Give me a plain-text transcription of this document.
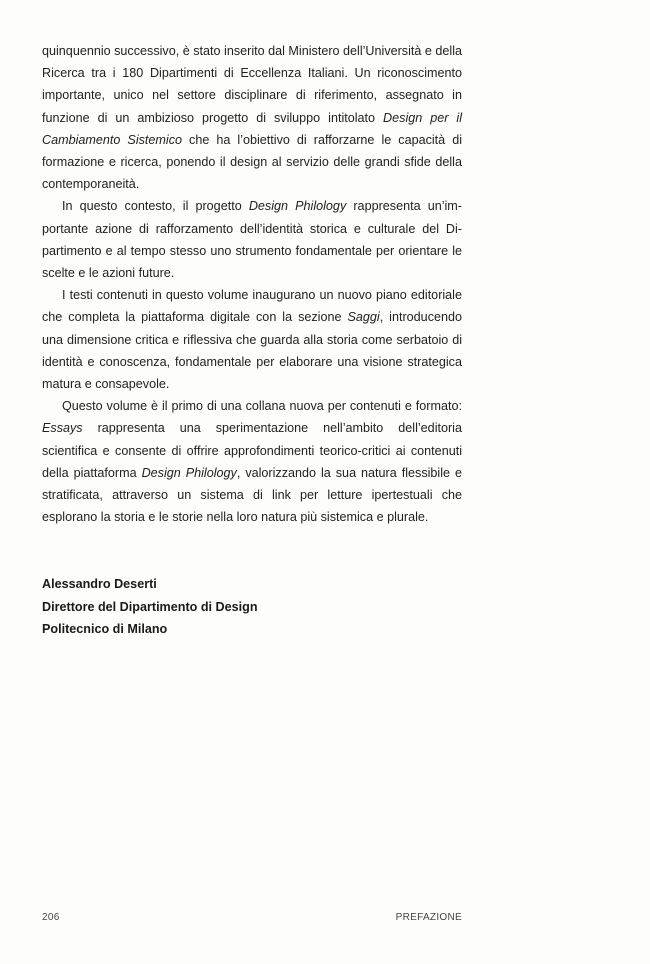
quinquennio successivo, è stato inserito dal Ministero dell’Università e della Ricerca tra i 180 Dipartimenti di Eccellenza Italiani. Un riconoscimento importante, unico nel settore disciplinare di riferimento, assegnato in funzione di un ambizioso progetto di sviluppo intitolato Design per il Cambiamento Sistemico che ha l’obiettivo di rafforzarne le capacità di formazione e ricerca, ponendo il design al servizio delle grandi sfide della contemporaneità.

In questo contesto, il progetto Design Philology rappresenta un’importante azione di rafforzamento dell’identità storica e culturale del Dipartimento e al tempo stesso uno strumento fondamentale per orientare le scelte e le azioni future.

I testi contenuti in questo volume inaugurano un nuovo piano editoriale che completa la piattaforma digitale con la sezione Saggi, introducendo una dimensione critica e riflessiva che guarda alla storia come serbatoio di identità e conoscenza, fondamentale per elaborare una visione strategica matura e consapevole.

Questo volume è il primo di una collana nuova per contenuti e formato: Essays rappresenta una sperimentazione nell’ambito dell’editoria scientifica e consente di offrire approfondimenti teorico-critici ai contenuti della piattaforma Design Philology, valorizzando la sua natura flessibile e stratificata, attraverso un sistema di link per letture ipertestuali che esplorano la storia e le storie nella loro natura più sistemica e plurale.

Alessandro Deserti
Direttore del Dipartimento di Design
Politecnico di Milano
206	PREFAZIONE
